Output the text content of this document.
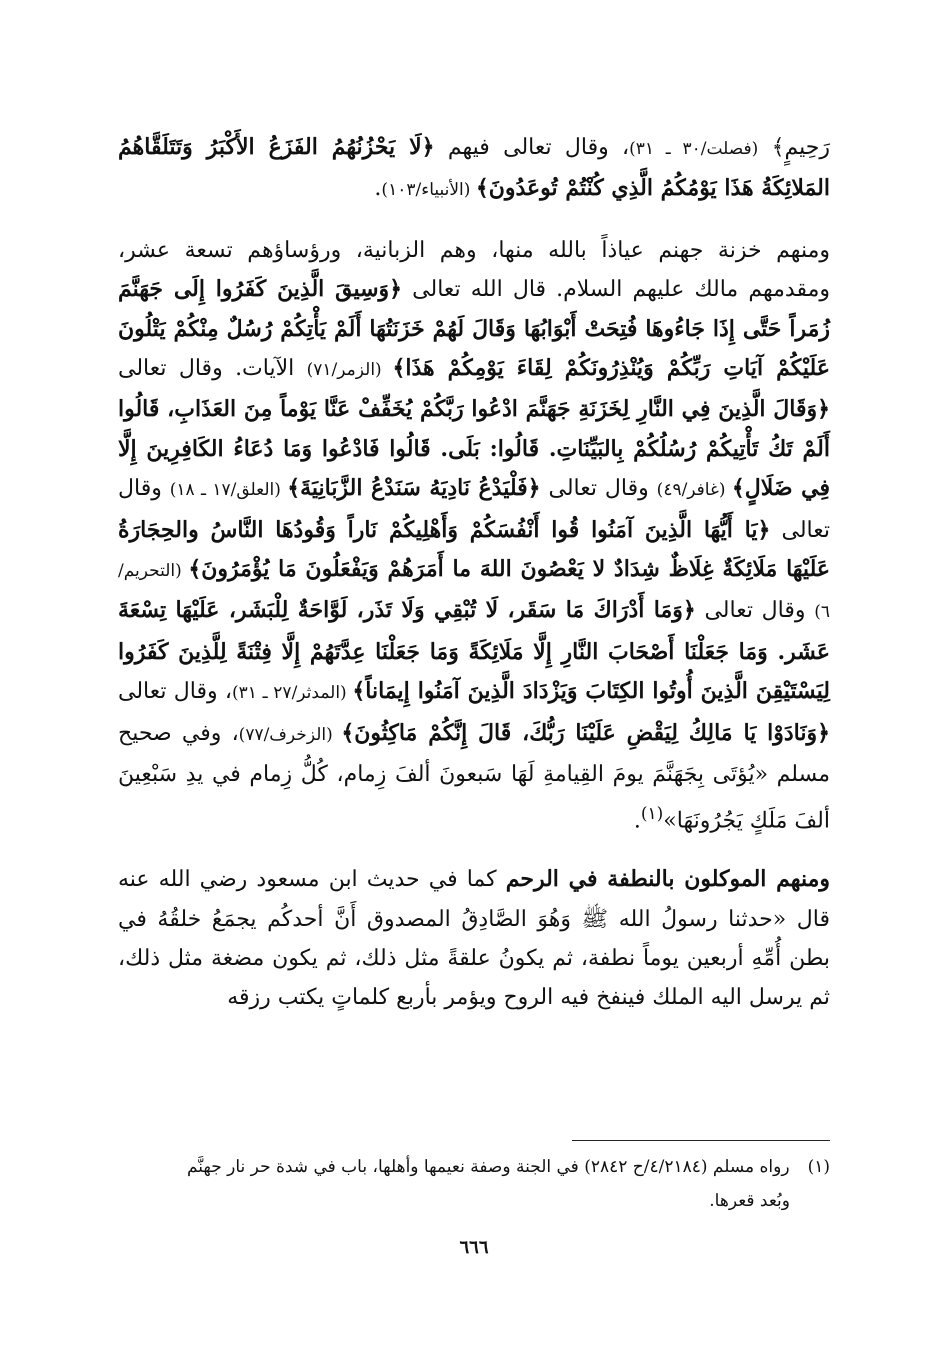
رَحِيمٍ﴾ (فصلت/٣٠ ـ ٣١)، وقال تعالى فيهم ﴿لَا يَحْزُنُهُمُ الفَزَعُ الأَكْبَرُ وَتَتَلَقَّاهُمُ المَلائِكَةُ هَذَا يَوْمُكُمُ الَّذِي كُنْتُمْ تُوعَدُونَ﴾ (الأنبياء/١٠٣).

ومنهم خزنة جهنم عياذاً بالله منها، وهم الزبانية، ورؤساؤهم تسعة عشر، ومقدمهم مالك عليهم السلام. قال الله تعالى ﴿وَسِيقَ الَّذِينَ كَفَرُوا إِلَى جَهَنَّمَ زُمَراً حَتَّى إِذَا جَاءُوهَا فُتِحَتْ أَبْوَابُهَا وَقَالَ لَهُمْ خَزَنَتُهَا أَلَمْ يَأْتِكُمْ رُسُلٌ مِنْكُمْ يَتْلُونَ عَلَيْكُمْ آيَاتِ رَبِّكُمْ وَيُنْذِرُونَكُمْ لِقَاءَ يَوْمِكُمْ هَذَا﴾ (الزمر/٧١) الآيات. وقال تعالى ﴿وَقَالَ الَّذِينَ فِي النَّارِ لِخَزَنَةِ جَهَنَّمَ ادْعُوا رَبَّكُمْ يُخَفِّفْ عَنَّا يَوْماً مِنَ العَذَابِ، قَالُوا أَلَمْ تَكُ تَأْتِيكُمْ رُسُلُكُمْ بِالبَيِّنَاتِ. قَالُوا: بَلَى. قَالُوا فَادْعُوا وَمَا دُعَاءُ الكَافِرِينَ إِلَّا فِي ضَلَالٍ﴾ (غافر/٤٩) وقال تعالى ﴿فَلْيَدْعُ نَادِيَهُ سَنَدْعُ الزَّبَانِيَةَ﴾ (العلق/١٧ ـ ١٨) وقال تعالى ﴿يَا أَيُّهَا الَّذِينَ آمَنُوا قُوا أَنْفُسَكُمْ وَأَهْلِيكُمْ نَاراً وَقُودُهَا النَّاسُ والحِجَارَةُ عَلَيْهَا مَلَائِكَةٌ غِلَاظٌ شِدَادٌ لا يَعْصُونَ اللهَ ما أَمَرَهُمْ وَيَفْعَلُونَ مَا يُؤْمَرُونَ﴾ (التحريم/٦) وقال تعالى ﴿وَمَا أَدْرَاكَ مَا سَقَر، لَا تُبْقِي وَلَا تَذَر، لَوَّاحَةٌ لِلْبَشَر، عَلَيْهَا تِسْعَةَ عَشَر. وَمَا جَعَلْنَا أَصْحَابَ النَّارِ إِلَّا مَلَائِكَةً وَمَا جَعَلْنَا عِدَّتَهُمْ إِلَّا فِتْنَةً لِلَّذِينَ كَفَرُوا لِيَسْتَيْقِنَ الَّذِينَ أُوتُوا الكِتَابَ وَيَزْدَادَ الَّذِينَ آمَنُوا إِيمَاناً﴾ (المدثر/٢٧ ـ ٣١)، وقال تعالى ﴿وَنَادَوْا يَا مَالِكُ لِيَقْضِ عَلَيْنَا رَبُّكَ، قَالَ إِنَّكُمْ مَاكِثُونَ﴾ (الزخرف/٧٧)، وفي صحيح مسلم «يُؤتَى بِجَهَنَّمَ يومَ القِيامةِ لَهَا سَبعونَ ألفَ زِمام، كُلُّ زِمام في يدِ سَبْعِينَ ألفَ مَلَكٍ يَجُرُونَهَا»$^{(١)}$.

ومنهم الموكلون بالنطفة في الرحم كما في حديث ابن مسعود رضي الله عنه قال «حدثنا رسولُ الله ﷺ وَهُوَ الصَّادِقُ المصدوق أَنَّ أحدكُم يجمَعُ خلقُهُ في بطن أُمِّهِ أربعين يوماً نطفة، ثم يكونُ علقةً مثل ذلك، ثم يكون مضغة مثل ذلك، ثم يرسل اليه الملك فينفخ فيه الروح ويؤمر بأربع كلماتٍ يكتب رزقه

(١)رواه مسلم (٤/٢١٨٤/ح ٢٨٤٢) في الجنة وصفة نعيمها وأهلها، باب في شدة حر نار جهنَّم
وبُعد قعرها.
٦٦٦
